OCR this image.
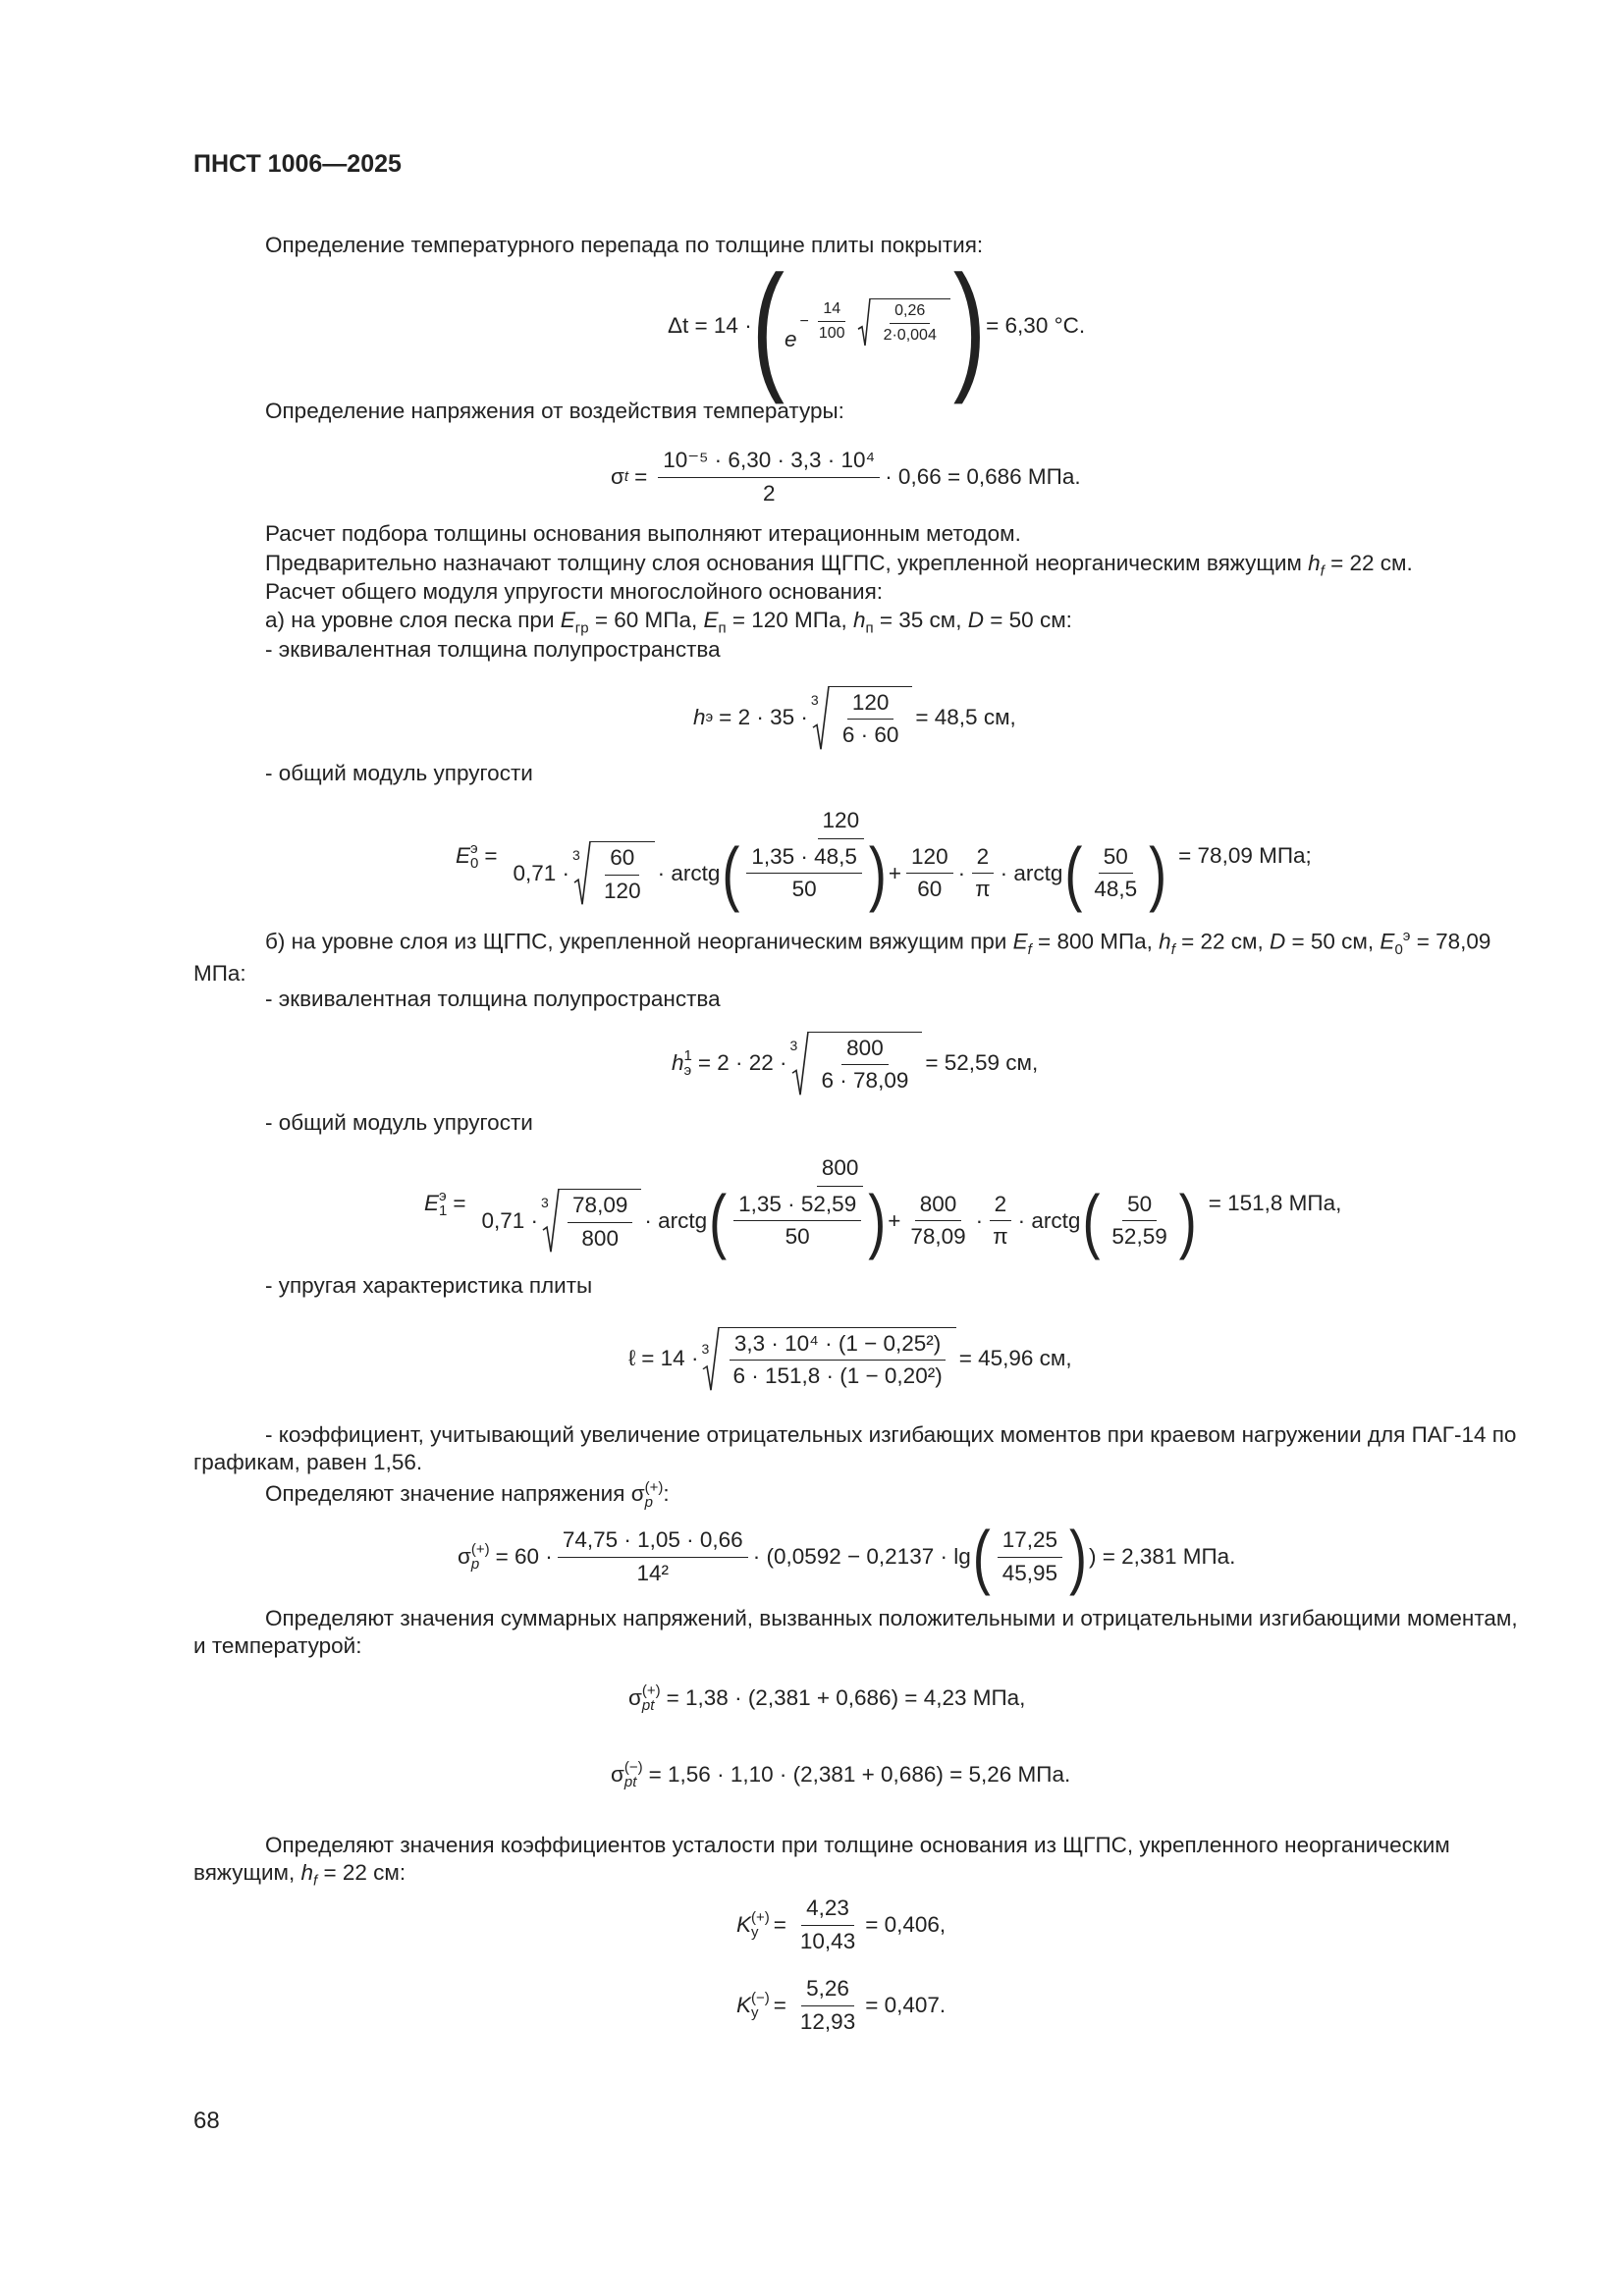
ПНСТ 1006—2025
Определение температурного перепада по толщине плиты покрытия:
Δt = 14 · ( e
− $\frac{14}{100} \frac{0,26}{2\cdot 0,004}$ ) = 6,30 °С.
Определение напряжения от воздействия температуры:
σ $t = \frac{\text{10⁻⁵ · 6,30 · 3,3 · 10⁴}}{2} \cdot 0,66 = 0,686$ МПа.
Расчет подбора толщины основания выполняют итерационным методом.
Предварительно назначают толщину слоя основания ЩГПС, укрепленной неорганическим вяжущим $h_f = 22$ см.
Расчет общего модуля упругости многослойного основания:
а) на уровне слоя песка при $E_{гр} = 60$ МПа, $E_п = 120$ МПа, $h_п = 35$ см, D = 50 см:
- эквивалентная толщина полупространства
h э = 2 · 35 ·
$3 \frac{120}{6 \cdot 60} = 48,5$ см,
- общий модуль упругости
E э
0 =
120
0,71 ·
$3 \frac{60}{120}$ · arctg ( $\frac{1,35 \cdot 48,5}{50}$ ) + $\frac{120}{60} \cdot \frac{2}{\pi}$ · arctg ( $\frac{50}{48,5}$ ) = 78,09 МПа;
б) на уровне слоя из ЩГПС, укрепленной неорганическим вяжущим при $E_f = 800$ МПа, $h_f = 22$ см, D = 50 см, $E_0^э = 78,09$ МПа:
- эквивалентная толщина полупространства
h 1
э = 2 · 22 ·
$3 \frac{800}{6 \cdot 78,09} = 52,59$ см,
- общий модуль упругости
E э
1 =
800
0,71 ·
$3 \frac{78,09}{800}$ · arctg ( $\frac{1,35 \cdot 52,59}{50}$ ) + $\frac{800}{78,09} \cdot \frac{2}{\pi}$ · arctg ( $\frac{50}{52,59}$ ) = 151,8 МПа,
- упругая характеристика плиты
ℓ = $14 \cdot 3 \frac{\text{3,3 · 10⁴ · (1 − 0,25²)}}{\text{6 · 151,8 · (1 − 0,20²)}} = 45,96$ см,
- коэффициент, учитывающий увеличение отрицательных изгибающих моментов при краевом нагружении для ПАГ-14 по графикам, равен 1,56.
Определяют значение напряжения σ (+)
p :
σ (+)
$p = 60 \cdot \frac{74,75 \cdot 1,05 \cdot 0,66}{\text{14²}} \cdot (0,0592 - 0,2137 \cdot \lg$ ( $\frac{17,25}{45,95}$ ) ) = 2,381 МПа.
Определяют значения суммарных напряжений, вызванных положительными и отрицательными изгибающими моментам, и температурой:
σ (+)
pt = 1,38 · (2,381 + 0,686) = 4,23 МПа,
σ (−)
pt = 1,56 · 1,10 · (2,381 + 0,686) = 5,26 МПа.
Определяют значения коэффициентов усталости при толщине основания из ЩГПС, укрепленного неорганическим вяжущим, $h_f = 22$ см:
K (+)
$у = \frac{4,23}{10,43} = 0,406$,
K (−)
$у = \frac{5,26}{12,93} = 0,407$.
68
